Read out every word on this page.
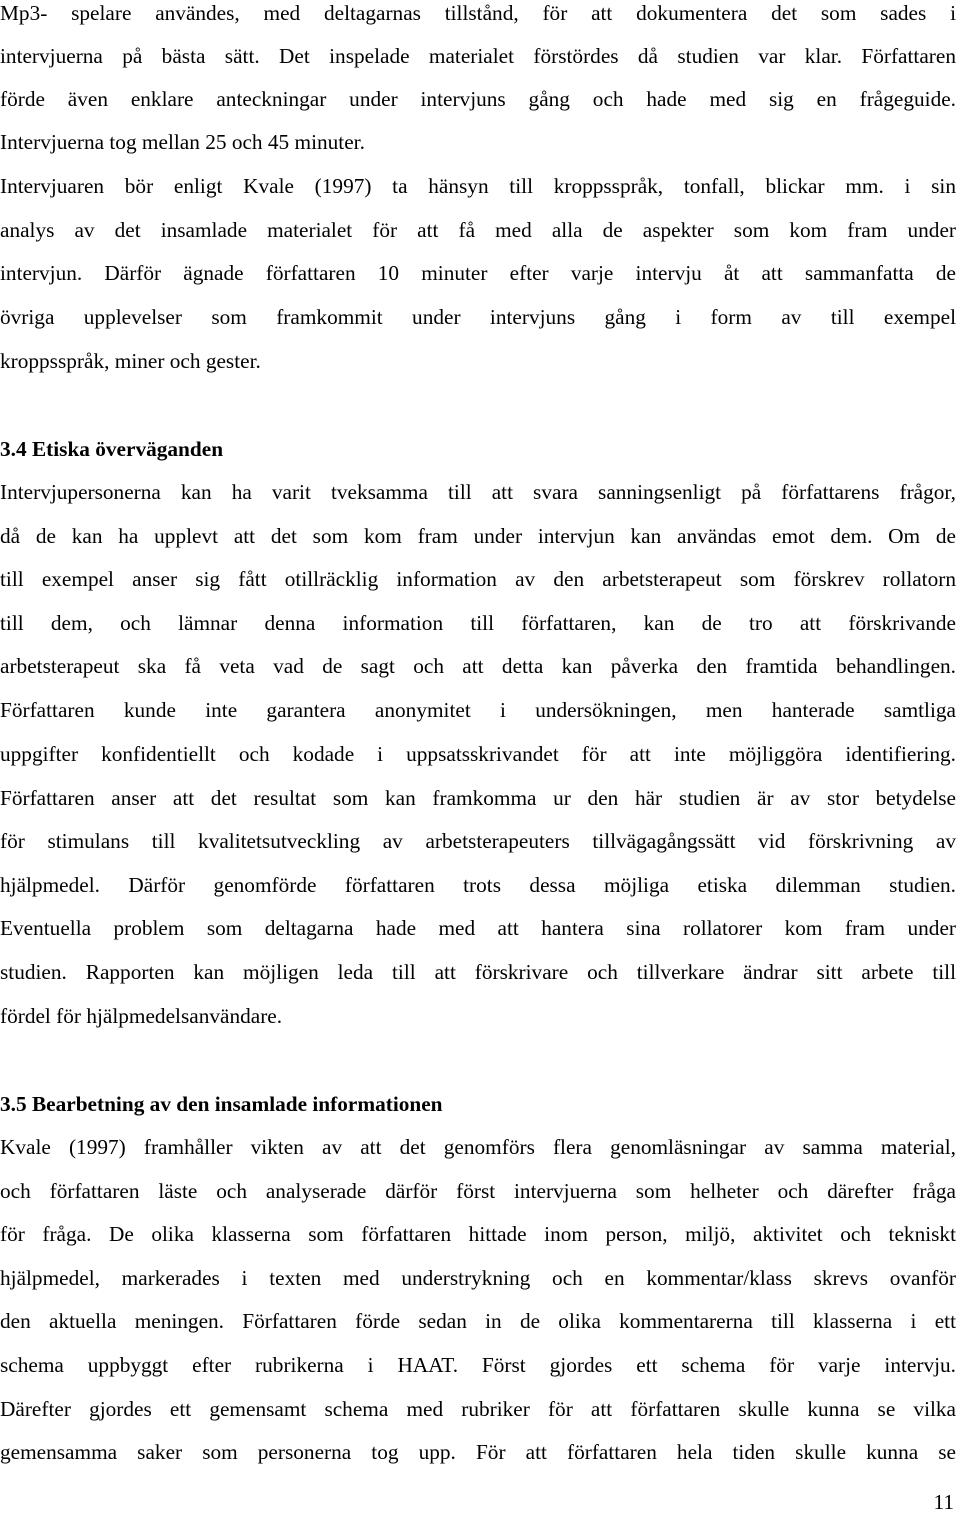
Mp3- spelare användes, med deltagarnas tillstånd, för att dokumentera det som sades i
intervjuerna på bästa sätt. Det inspelade materialet förstördes då studien var klar. Författaren
förde även enklare anteckningar under intervjuns gång och hade med sig en frågeguide.
Intervjuerna tog mellan 25 och 45 minuter.
Intervjuaren bör enligt Kvale (1997) ta hänsyn till kroppsspråk, tonfall, blickar mm. i sin
analys av det insamlade materialet för att få med alla de aspekter som kom fram under
intervjun. Därför ägnade författaren 10 minuter efter varje intervju åt att sammanfatta de
övriga upplevelser som framkommit under intervjuns gång i form av till exempel
kroppsspråk, miner och gester.
3.4 Etiska överväganden
Intervjupersonerna kan ha varit tveksamma till att svara sanningsenligt på författarens frågor,
då de kan ha upplevt att det som kom fram under intervjun kan användas emot dem. Om de
till exempel anser sig fått otillräcklig information av den arbetsterapeut som förskrev rollatorn
till dem, och lämnar denna information till författaren, kan de tro att förskrivande
arbetsterapeut ska få veta vad de sagt och att detta kan påverka den framtida behandlingen.
Författaren kunde inte garantera anonymitet i undersökningen, men hanterade samtliga
uppgifter konfidentiellt och kodade i uppsatsskrivandet för att inte möjliggöra identifiering.
Författaren anser att det resultat som kan framkomma ur den här studien är av stor betydelse
för stimulans till kvalitetsutveckling av arbetsterapeuters tillvägagångssätt vid förskrivning av
hjälpmedel. Därför genomförde författaren trots dessa möjliga etiska dilemman studien.
Eventuella problem som deltagarna hade med att hantera sina rollatorer kom fram under
studien. Rapporten kan möjligen leda till att förskrivare och tillverkare ändrar sitt arbete till
fördel för hjälpmedelsanvändare.
3.5 Bearbetning av den insamlade informationen
Kvale (1997) framhåller vikten av att det genomförs flera genomläsningar av samma material,
och författaren läste och analyserade därför först intervjuerna som helheter och därefter fråga
för fråga. De olika klasserna som författaren hittade inom person, miljö, aktivitet och tekniskt
hjälpmedel, markerades i texten med understrykning och en kommentar/klass skrevs ovanför
den aktuella meningen. Författaren förde sedan in de olika kommentarerna till klasserna i ett
schema uppbyggt efter rubrikerna i HAAT. Först gjordes ett schema för varje intervju.
Därefter gjordes ett gemensamt schema med rubriker för att författaren skulle kunna se vilka
gemensamma saker som personerna tog upp. För att författaren hela tiden skulle kunna se
11
